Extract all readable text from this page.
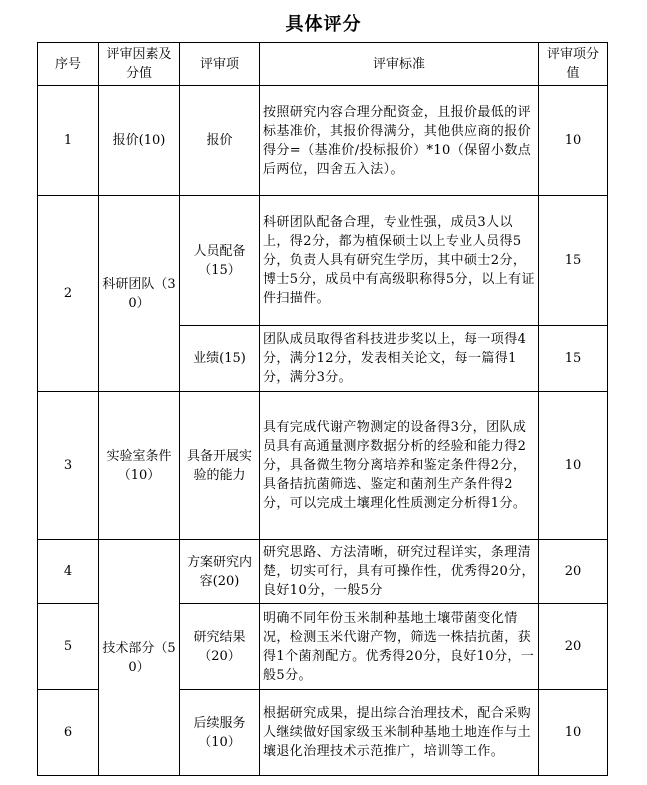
具体评分
序号	评审因素及分值	评审项	评审标准	评审项分值
1	报价(10)	报价	按照研究内容合理分配资金，且报价最低的评标基准价，其报价得满分，其他供应商的报价得分=（基准价/投标报价）*10（保留小数点后两位，四舍五入法）。	10
2	科研团队（30）	人员配备（15）	科研团队配备合理，专业性强，成员3人以上，得2分，都为植保硕士以上专业人员得5分，负责人具有研究生学历，其中硕士2分，博士5分，成员中有高级职称得5分，以上有证件扫描件。	15
		业绩(15)	团队成员取得省科技进步奖以上，每一项得4分，满分12分，发表相关论文，每一篇得1分，满分3分。	15
3	实验室条件（10）	具备开展实验的能力	具有完成代谢产物测定的设备得3分，团队成员具有高通量测序数据分析的经验和能力得2分，具备微生物分离培养和鉴定条件得2分，具备拮抗菌筛选、鉴定和菌剂生产条件得2分，可以完成土壤理化性质测定分析得1分。	10
4	技术部分（50）	方案研究内容(20)	研究思路、方法清晰，研究过程详实，条理清楚，切实可行，具有可操作性，优秀得20分，良好10分，一般5分	20
5		研究结果（20）	明确不同年份玉米制种基地土壤带菌变化情况，检测玉米代谢产物，筛选一株拮抗菌，获得1个菌剂配方。优秀得20分，良好10分，一般5分。	20
6		后续服务（10）	根据研究成果，提出综合治理技术，配合采购人继续做好国家级玉米制种基地土地连作与土壤退化治理技术示范推广，培训等工作。	10
